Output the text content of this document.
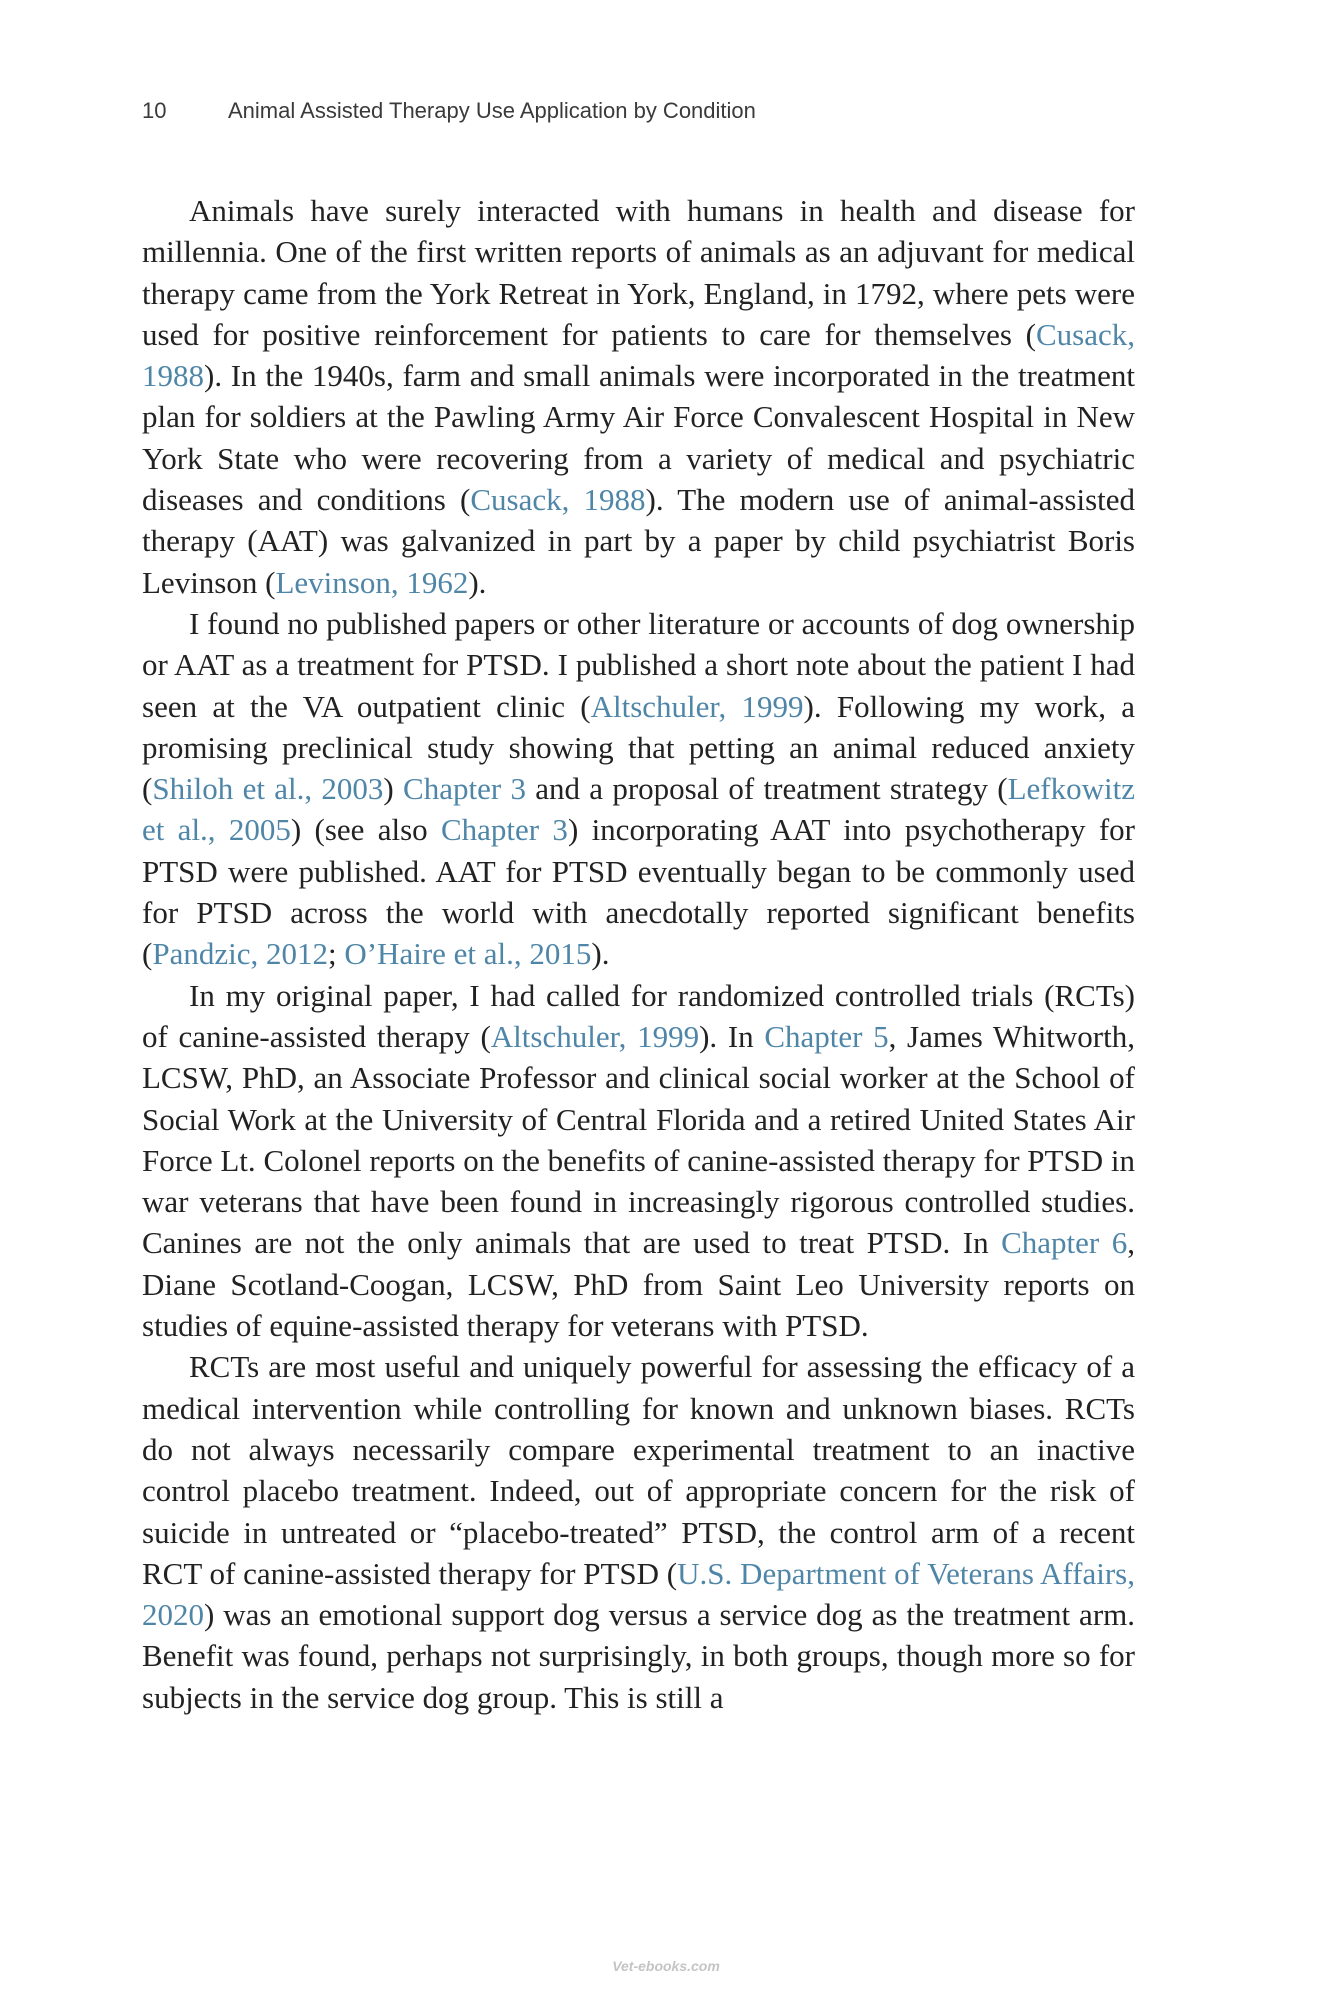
10	Animal Assisted Therapy Use Application by Condition

Animals have surely interacted with humans in health and disease for millennia. One of the first written reports of animals as an adjuvant for medical therapy came from the York Retreat in York, England, in 1792, where pets were used for positive reinforcement for patients to care for themselves (Cusack, 1988). In the 1940s, farm and small animals were incorporated in the treatment plan for soldiers at the Pawling Army Air Force Convalescent Hospital in New York State who were recovering from a variety of medical and psychiatric diseases and conditions (Cusack, 1988). The modern use of animal-assisted therapy (AAT) was galvanized in part by a paper by child psychiatrist Boris Levinson (Levinson, 1962).

I found no published papers or other literature or accounts of dog ownership or AAT as a treatment for PTSD. I published a short note about the patient I had seen at the VA outpatient clinic (Altschuler, 1999). Following my work, a promising preclinical study showing that petting an animal reduced anxiety (Shiloh et al., 2003) Chapter 3 and a proposal of treatment strategy (Lefkowitz et al., 2005) (see also Chapter 3) incorporating AAT into psychotherapy for PTSD were published. AAT for PTSD eventually began to be commonly used for PTSD across the world with anecdotally reported significant benefits (Pandzic, 2012; O’Haire et al., 2015).

In my original paper, I had called for randomized controlled trials (RCTs) of canine-assisted therapy (Altschuler, 1999). In Chapter 5, James Whitworth, LCSW, PhD, an Associate Professor and clinical social worker at the School of Social Work at the University of Central Florida and a retired United States Air Force Lt. Colonel reports on the benefits of canine-assisted therapy for PTSD in war veterans that have been found in increasingly rigorous controlled studies. Canines are not the only animals that are used to treat PTSD. In Chapter 6, Diane Scotland-Coogan, LCSW, PhD from Saint Leo University reports on studies of equine-assisted therapy for veterans with PTSD.

RCTs are most useful and uniquely powerful for assessing the efficacy of a medical intervention while controlling for known and unknown biases. RCTs do not always necessarily compare experimental treatment to an inactive control placebo treatment. Indeed, out of appropriate concern for the risk of suicide in untreated or “placebo-treated” PTSD, the control arm of a recent RCT of canine-assisted therapy for PTSD (U.S. Department of Veterans Affairs, 2020) was an emotional support dog versus a service dog as the treatment arm. Benefit was found, perhaps not surprisingly, in both groups, though more so for subjects in the service dog group. This is still a

Vet-ebooks.com
